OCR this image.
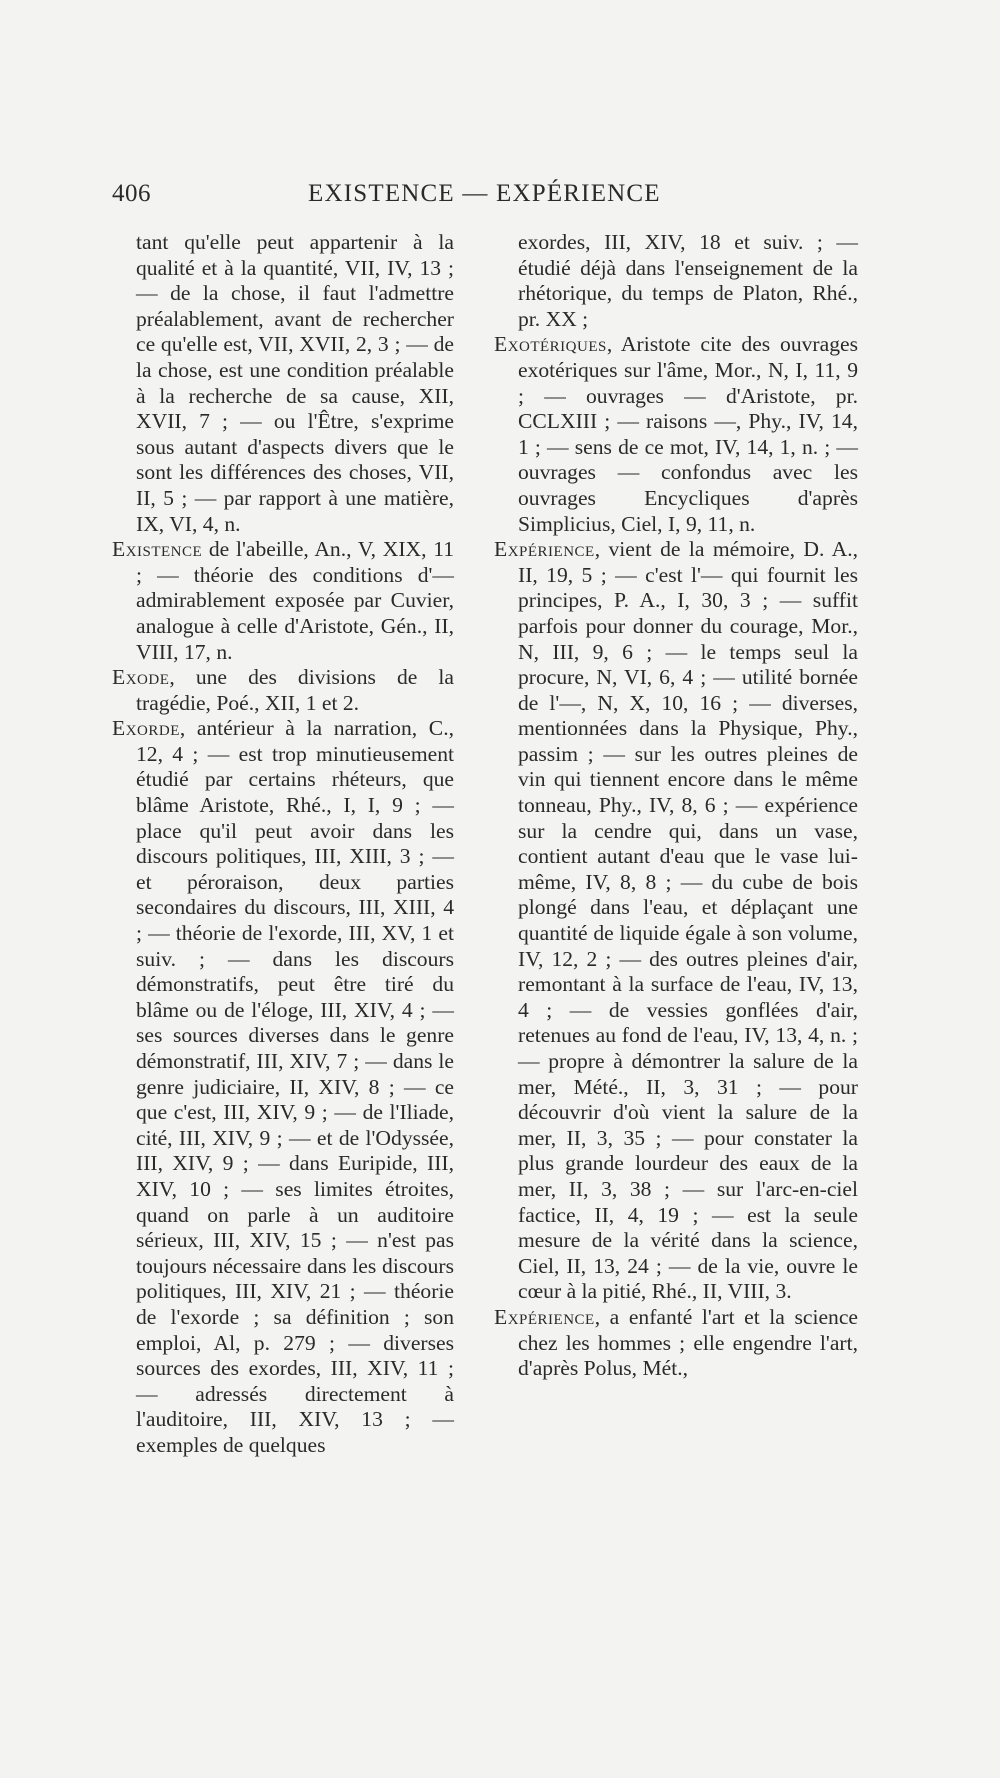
406	EXISTENCE — EXPÉRIENCE

tant qu'elle peut appartenir à la qualité et à la quantité, VII, IV, 13 ; — de la chose, il faut l'admettre préalablement, avant de rechercher ce qu'elle est, VII, XVII, 2, 3 ; — de la chose, est une condition préalable à la recherche de sa cause, XII, XVII, 7 ; — ou l'Être, s'exprime sous autant d'aspects divers que le sont les différences des choses, VII, II, 5 ; — par rapport à une matière, IX, VI, 4, n.

Existence de l'abeille, An., V, XIX, 11 ; — théorie des conditions d'— admirablement exposée par Cuvier, analogue à celle d'Aristote, Gén., II, VIII, 17, n.

Exode, une des divisions de la tragédie, Poé., XII, 1 et 2.

Exorde, antérieur à la narration, C., 12, 4 ; — est trop minutieusement étudié par certains rhéteurs, que blâme Aristote, Rhé., I, I, 9 ; — place qu'il peut avoir dans les discours politiques, III, XIII, 3 ; — et péroraison, deux parties secondaires du discours, III, XIII, 4 ; — théorie de l'exorde, III, XV, 1 et suiv. ; — dans les discours démonstratifs, peut être tiré du blâme ou de l'éloge, III, XIV, 4 ; — ses sources diverses dans le genre démonstratif, III, XIV, 7 ; — dans le genre judiciaire, II, XIV, 8 ; — ce que c'est, III, XIV, 9 ; — de l'Iliade, cité, III, XIV, 9 ; — et de l'Odyssée, III, XIV, 9 ; — dans Euripide, III, XIV, 10 ; — ses limites étroites, quand on parle à un auditoire sérieux, III, XIV, 15 ; — n'est pas toujours nécessaire dans les discours politiques, III, XIV, 21 ; — théorie de l'exorde ; sa définition ; son emploi, Al, p. 279 ; — diverses sources des exordes, III, XIV, 11 ; — adressés directement à l'auditoire, III, XIV, 13 ; — exemples de quelques

exordes, III, XIV, 18 et suiv. ; — étudié déjà dans l'enseignement de la rhétorique, du temps de Platon, Rhé., pr. XX ;

Exotériques, Aristote cite des ouvrages exotériques sur l'âme, Mor., N, I, 11, 9 ; — ouvrages — d'Aristote, pr. CCLXIII ; — raisons —, Phy., IV, 14, 1 ; — sens de ce mot, IV, 14, 1, n. ; — ouvrages — confondus avec les ouvrages Encycliques d'après Simplicius, Ciel, I, 9, 11, n.

Expérience, vient de la mémoire, D. A., II, 19, 5 ; — c'est l'— qui fournit les principes, P. A., I, 30, 3 ; — suffit parfois pour donner du courage, Mor., N, III, 9, 6 ; — le temps seul la procure, N, VI, 6, 4 ; — utilité bornée de l'—, N, X, 10, 16 ; — diverses, mentionnées dans la Physique, Phy., passim ; — sur les outres pleines de vin qui tiennent encore dans le même tonneau, Phy., IV, 8, 6 ; — expérience sur la cendre qui, dans un vase, contient autant d'eau que le vase lui-même, IV, 8, 8 ; — du cube de bois plongé dans l'eau, et déplaçant une quantité de liquide égale à son volume, IV, 12, 2 ; — des outres pleines d'air, remontant à la surface de l'eau, IV, 13, 4 ; — de vessies gonflées d'air, retenues au fond de l'eau, IV, 13, 4, n. ; — propre à démontrer la salure de la mer, Mété., II, 3, 31 ; — pour découvrir d'où vient la salure de la mer, II, 3, 35 ; — pour constater la plus grande lourdeur des eaux de la mer, II, 3, 38 ; — sur l'arc-en-ciel factice, II, 4, 19 ; — est la seule mesure de la vérité dans la science, Ciel, II, 13, 24 ; — de la vie, ouvre le cœur à la pitié, Rhé., II, VIII, 3.

Expérience, a enfanté l'art et la science chez les hommes ; elle engendre l'art, d'après Polus, Mét.,
